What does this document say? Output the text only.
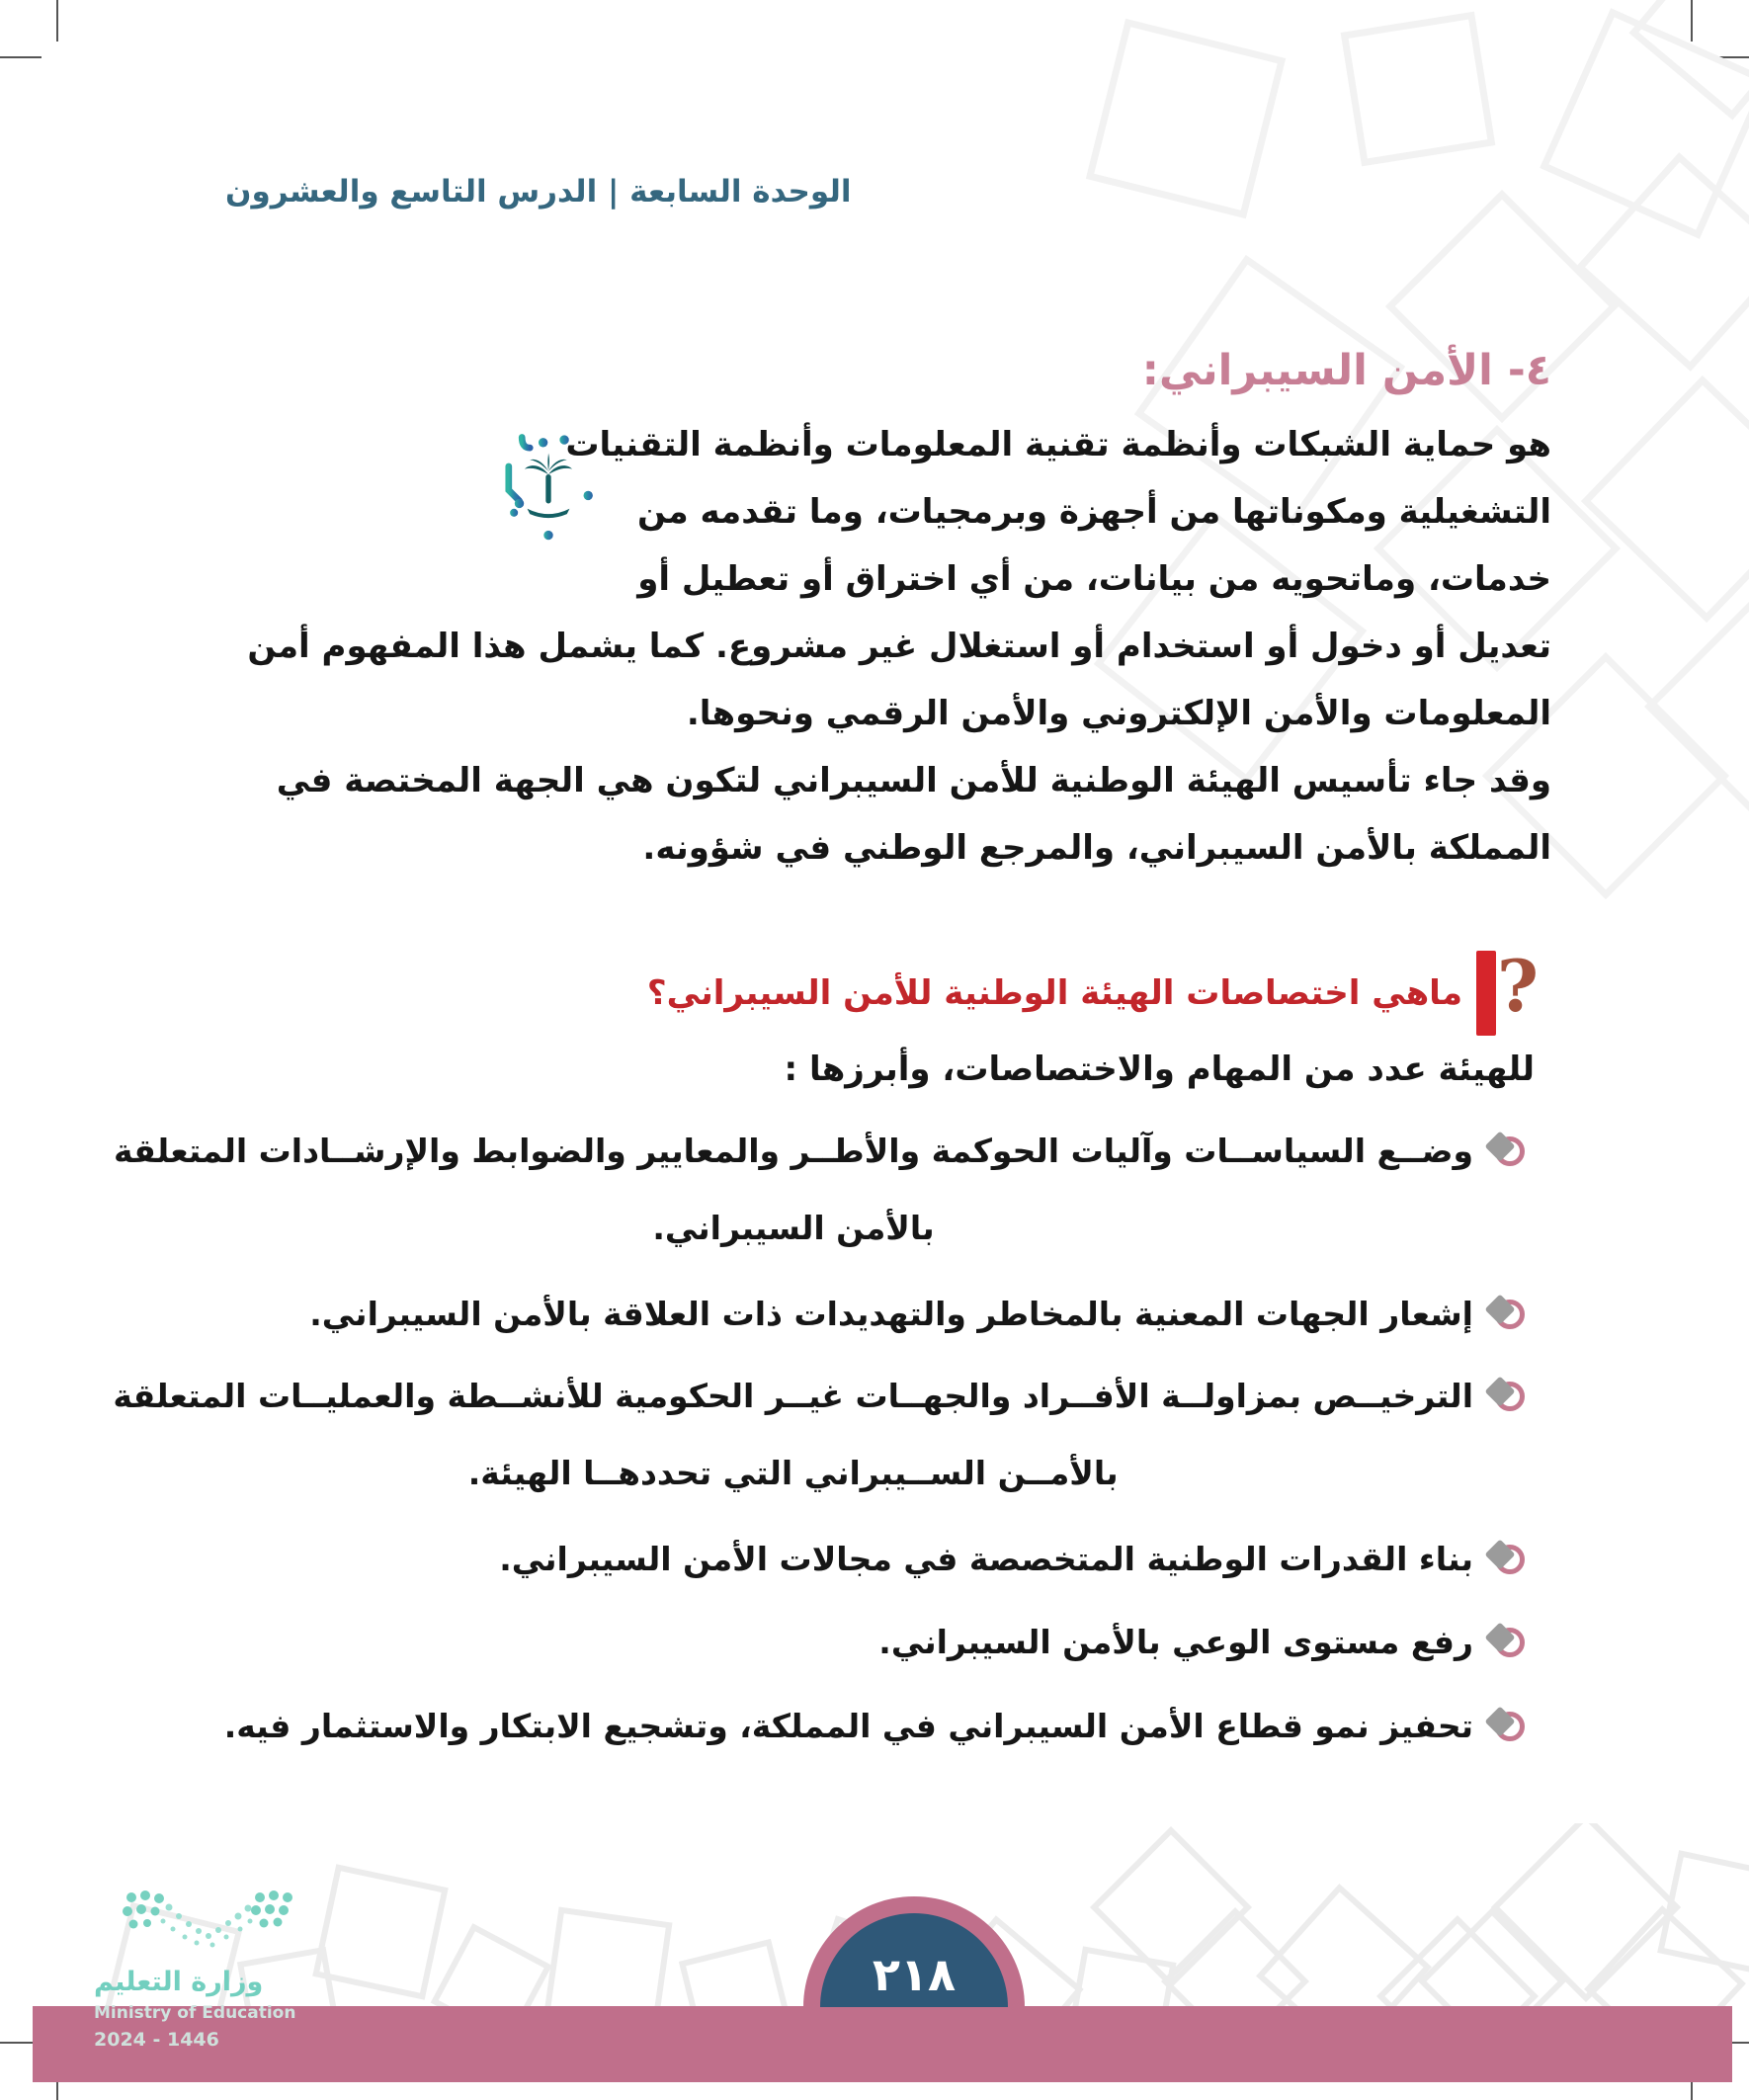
الوحدة السابعة | الدرس التاسع والعشرون
٤- الأمن السيبراني:
هو حماية الشبكات وأنظمة تقنية المعلومات وأنظمة التقنيات
التشغيلية ومكوناتها من أجهزة وبرمجيات، وما تقدمه من
خدمات، وماتحويه من بيانات، من أي اختراق أو تعطيل أو
تعديل أو دخول أو استخدام أو استغلال غير مشروع. كما يشمل هذا المفهوم أمن
المعلومات والأمن الإلكتروني والأمن الرقمي ونحوها.
وقد جاء تأسيس الهيئة الوطنية للأمن السيبراني لتكون هي الجهة المختصة في
المملكة بالأمن السيبراني، والمرجع الوطني في شؤونه.
ماهي اختصاصات الهيئة الوطنية للأمن السيبراني؟ ?
للهيئة عدد من المهام والاختصاصات، وأبرزها :
وضــع السياســات وآليات الحوكمة والأطــر والمعايير والضوابط والإرشــادات المتعلقة
بالأمن السيبراني.
إشعار الجهات المعنية بالمخاطر والتهديدات ذات العلاقة بالأمن السيبراني.
الترخيــص بمزاولــة الأفــراد والجهــات غيــر الحكومية للأنشــطة والعمليــات المتعلقة
بالأمــن الســيبراني التي تحددهــا الهيئة.
بناء القدرات الوطنية المتخصصة في مجالات الأمن السيبراني.
رفع مستوى الوعي بالأمن السيبراني.
تحفيز نمو قطاع الأمن السيبراني في المملكة، وتشجيع الابتكار والاستثمار فيه.
٢١٨
وزارة التعليم
Ministry of Education
2024 - 1446
